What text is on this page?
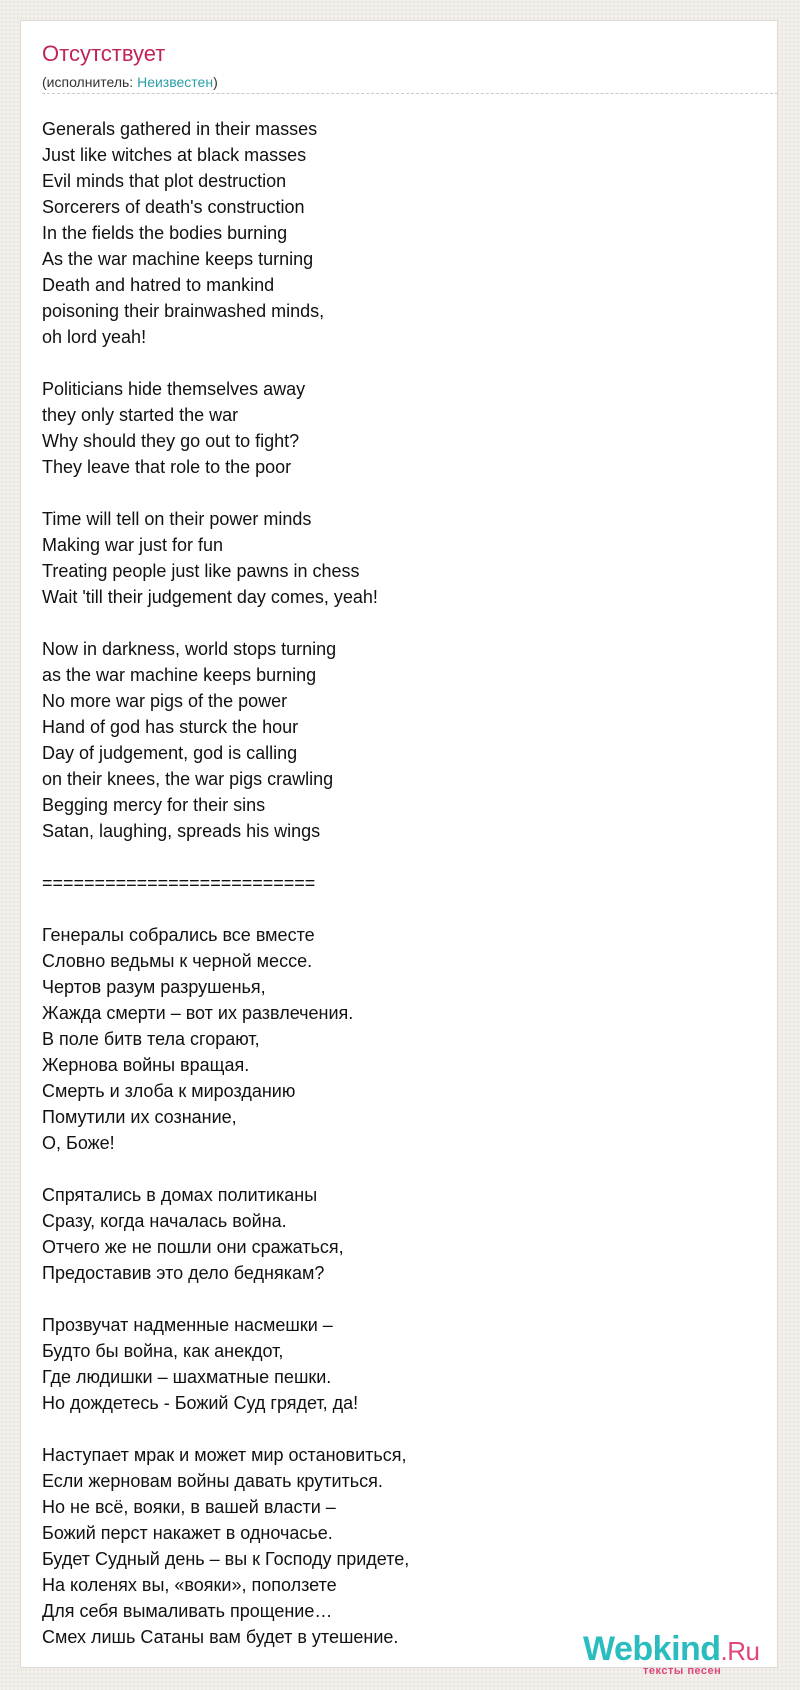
Отсутствует
(исполнитель: Неизвестен)
Generals gathered in their masses
Just like witches at black masses
Evil minds that plot destruction
Sorcerers of death's construction
In the fields the bodies burning
As the war machine keeps turning
Death and hatred to mankind
poisoning their brainwashed minds,
oh lord yeah!
Politicians hide themselves away
they only started the war
Why should they go out to fight?
They leave that role to the poor
Time will tell on their power minds
Making war just for fun
Treating people just like pawns in chess
Wait 'till their judgement day comes, yeah!
Now in darkness, world stops turning
as the war machine keeps burning
No more war pigs of the power
Hand of god has sturck the hour
Day of judgement, god is calling
on their knees, the war pigs crawling
Begging mercy for their sins
Satan, laughing, spreads his wings
==========================
Генералы собрались все вместе
Словно ведьмы к черной мессе.
Чертов разум разрушенья,
Жажда смерти – вот их развлечения.
В поле битв тела сгорают,
Жернова войны вращая.
Смерть и злоба к мирозданию
Помутили их сознание,
О, Боже!
Спрятались в домах политиканы
Сразу, когда началась война.
Отчего же не пошли они сражаться,
Предоставив это дело беднякам?
Прозвучат надменные насмешки –
Будто бы война, как анекдот,
Где людишки – шахматные пешки.
Но дождетесь - Божий Суд грядет, да!
Наступает мрак и может мир остановиться,
Если жерновам войны давать крутиться.
Но не всё, вояки, в вашей власти –
Божий перст накажет в одночасье.
Будет Судный день – вы к Господу придете,
На коленях вы, «вояки», поползете
Для себя вымаливать прощение…
Смех лишь Сатаны вам будет в утешение.	Webkind.Ru
тексты песен
